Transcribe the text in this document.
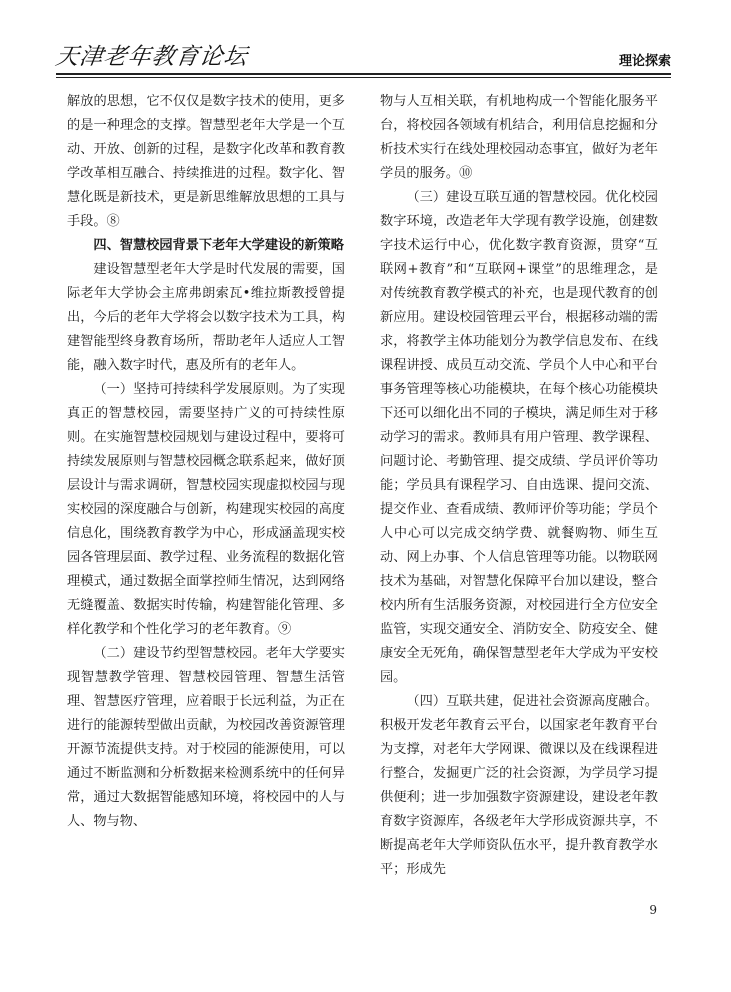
天津老年教育论坛	理论探索

解放的思想，它不仅仅是数字技术的使用，更多的是一种理念的支撑。智慧型老年大学是一个互动、开放、创新的过程，是数字化改革和教育教学改革相互融合、持续推进的过程。数字化、智慧化既是新技术，更是新思维解放思想的工具与手段。⑧

四、智慧校园背景下老年大学建设的新策略

建设智慧型老年大学是时代发展的需要，国际老年大学协会主席弗朗索瓦•维拉斯教授曾提出，今后的老年大学将会以数字技术为工具，构建智能型终身教育场所，帮助老年人适应人工智能，融入数字时代，惠及所有的老年人。

（一）坚持可持续科学发展原则。为了实现真正的智慧校园，需要坚持广义的可持续性原则。在实施智慧校园规划与建设过程中，要将可持续发展原则与智慧校园概念联系起来，做好顶层设计与需求调研，智慧校园实现虚拟校园与现实校园的深度融合与创新，构建现实校园的高度信息化，围绕教育教学为中心，形成涵盖现实校园各管理层面、教学过程、业务流程的数据化管理模式，通过数据全面掌控师生情况，达到网络无缝覆盖、数据实时传输，构建智能化管理、多样化教学和个性化学习的老年教育。⑨

（二）建设节约型智慧校园。老年大学要实现智慧教学管理、智慧校园管理、智慧生活管理、智慧医疗管理，应着眼于长远利益，为正在进行的能源转型做出贡献，为校园改善资源管理开源节流提供支持。对于校园的能源使用，可以通过不断监测和分析数据来检测系统中的任何异常，通过大数据智能感知环境，将校园中的人与人、物与物、

物与人互相关联，有机地构成一个智能化服务平台，将校园各领域有机结合，利用信息挖掘和分析技术实行在线处理校园动态事宜，做好为老年学员的服务。⑩

（三）建设互联互通的智慧校园。优化校园数字环境，改造老年大学现有教学设施，创建数字技术运行中心，优化数字教育资源，贯穿“互联网+教育”和“互联网+课堂”的思维理念，是对传统教育教学模式的补充，也是现代教育的创新应用。建设校园管理云平台，根据移动端的需求，将教学主体功能划分为教学信息发布、在线课程讲授、成员互动交流、学员个人中心和平台事务管理等核心功能模块，在每个核心功能模块下还可以细化出不同的子模块，满足师生对于移动学习的需求。教师具有用户管理、教学课程、问题讨论、考勤管理、提交成绩、学员评价等功能；学员具有课程学习、自由选课、提问交流、提交作业、查看成绩、教师评价等功能；学员个人中心可以完成交纳学费、就餐购物、师生互动、网上办事、个人信息管理等功能。以物联网技术为基础，对智慧化保障平台加以建设，整合校内所有生活服务资源，对校园进行全方位安全监管，实现交通安全、消防安全、防疫安全、健康安全无死角，确保智慧型老年大学成为平安校园。

（四）互联共建，促进社会资源高度融合。积极开发老年教育云平台，以国家老年教育平台为支撑，对老年大学网课、微课以及在线课程进行整合，发掘更广泛的社会资源，为学员学习提供便利；进一步加强数字资源建设，建设老年教育数字资源库，各级老年大学形成资源共享，不断提高老年大学师资队伍水平，提升教育教学水平；形成先

9
